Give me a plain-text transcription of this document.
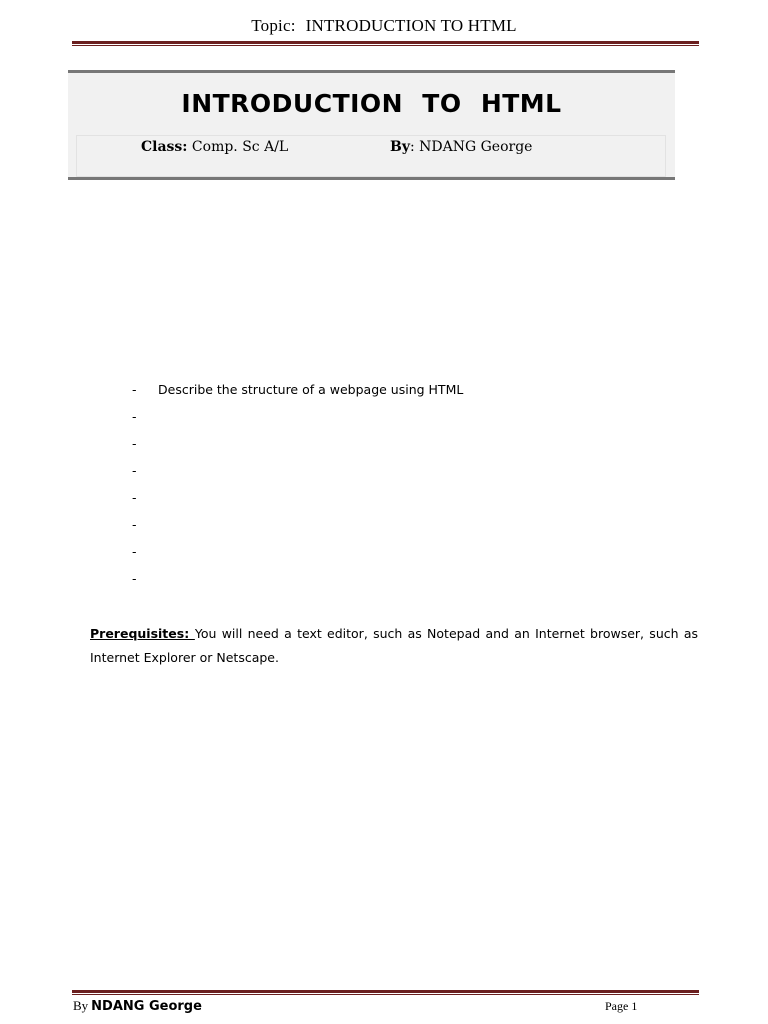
Topic: INTRODUCTION TO HTML
INTRODUCTION TO HTML
Class: Comp. Sc A/L	By: NDANG George
- Describe the structure of a webpage using HTML
-
-
-
-
-
-
-
Prerequisites: You will need a text editor, such as Notepad and an Internet browser, such as Internet Explorer or Netscape.
By NDANG George	Page 1
